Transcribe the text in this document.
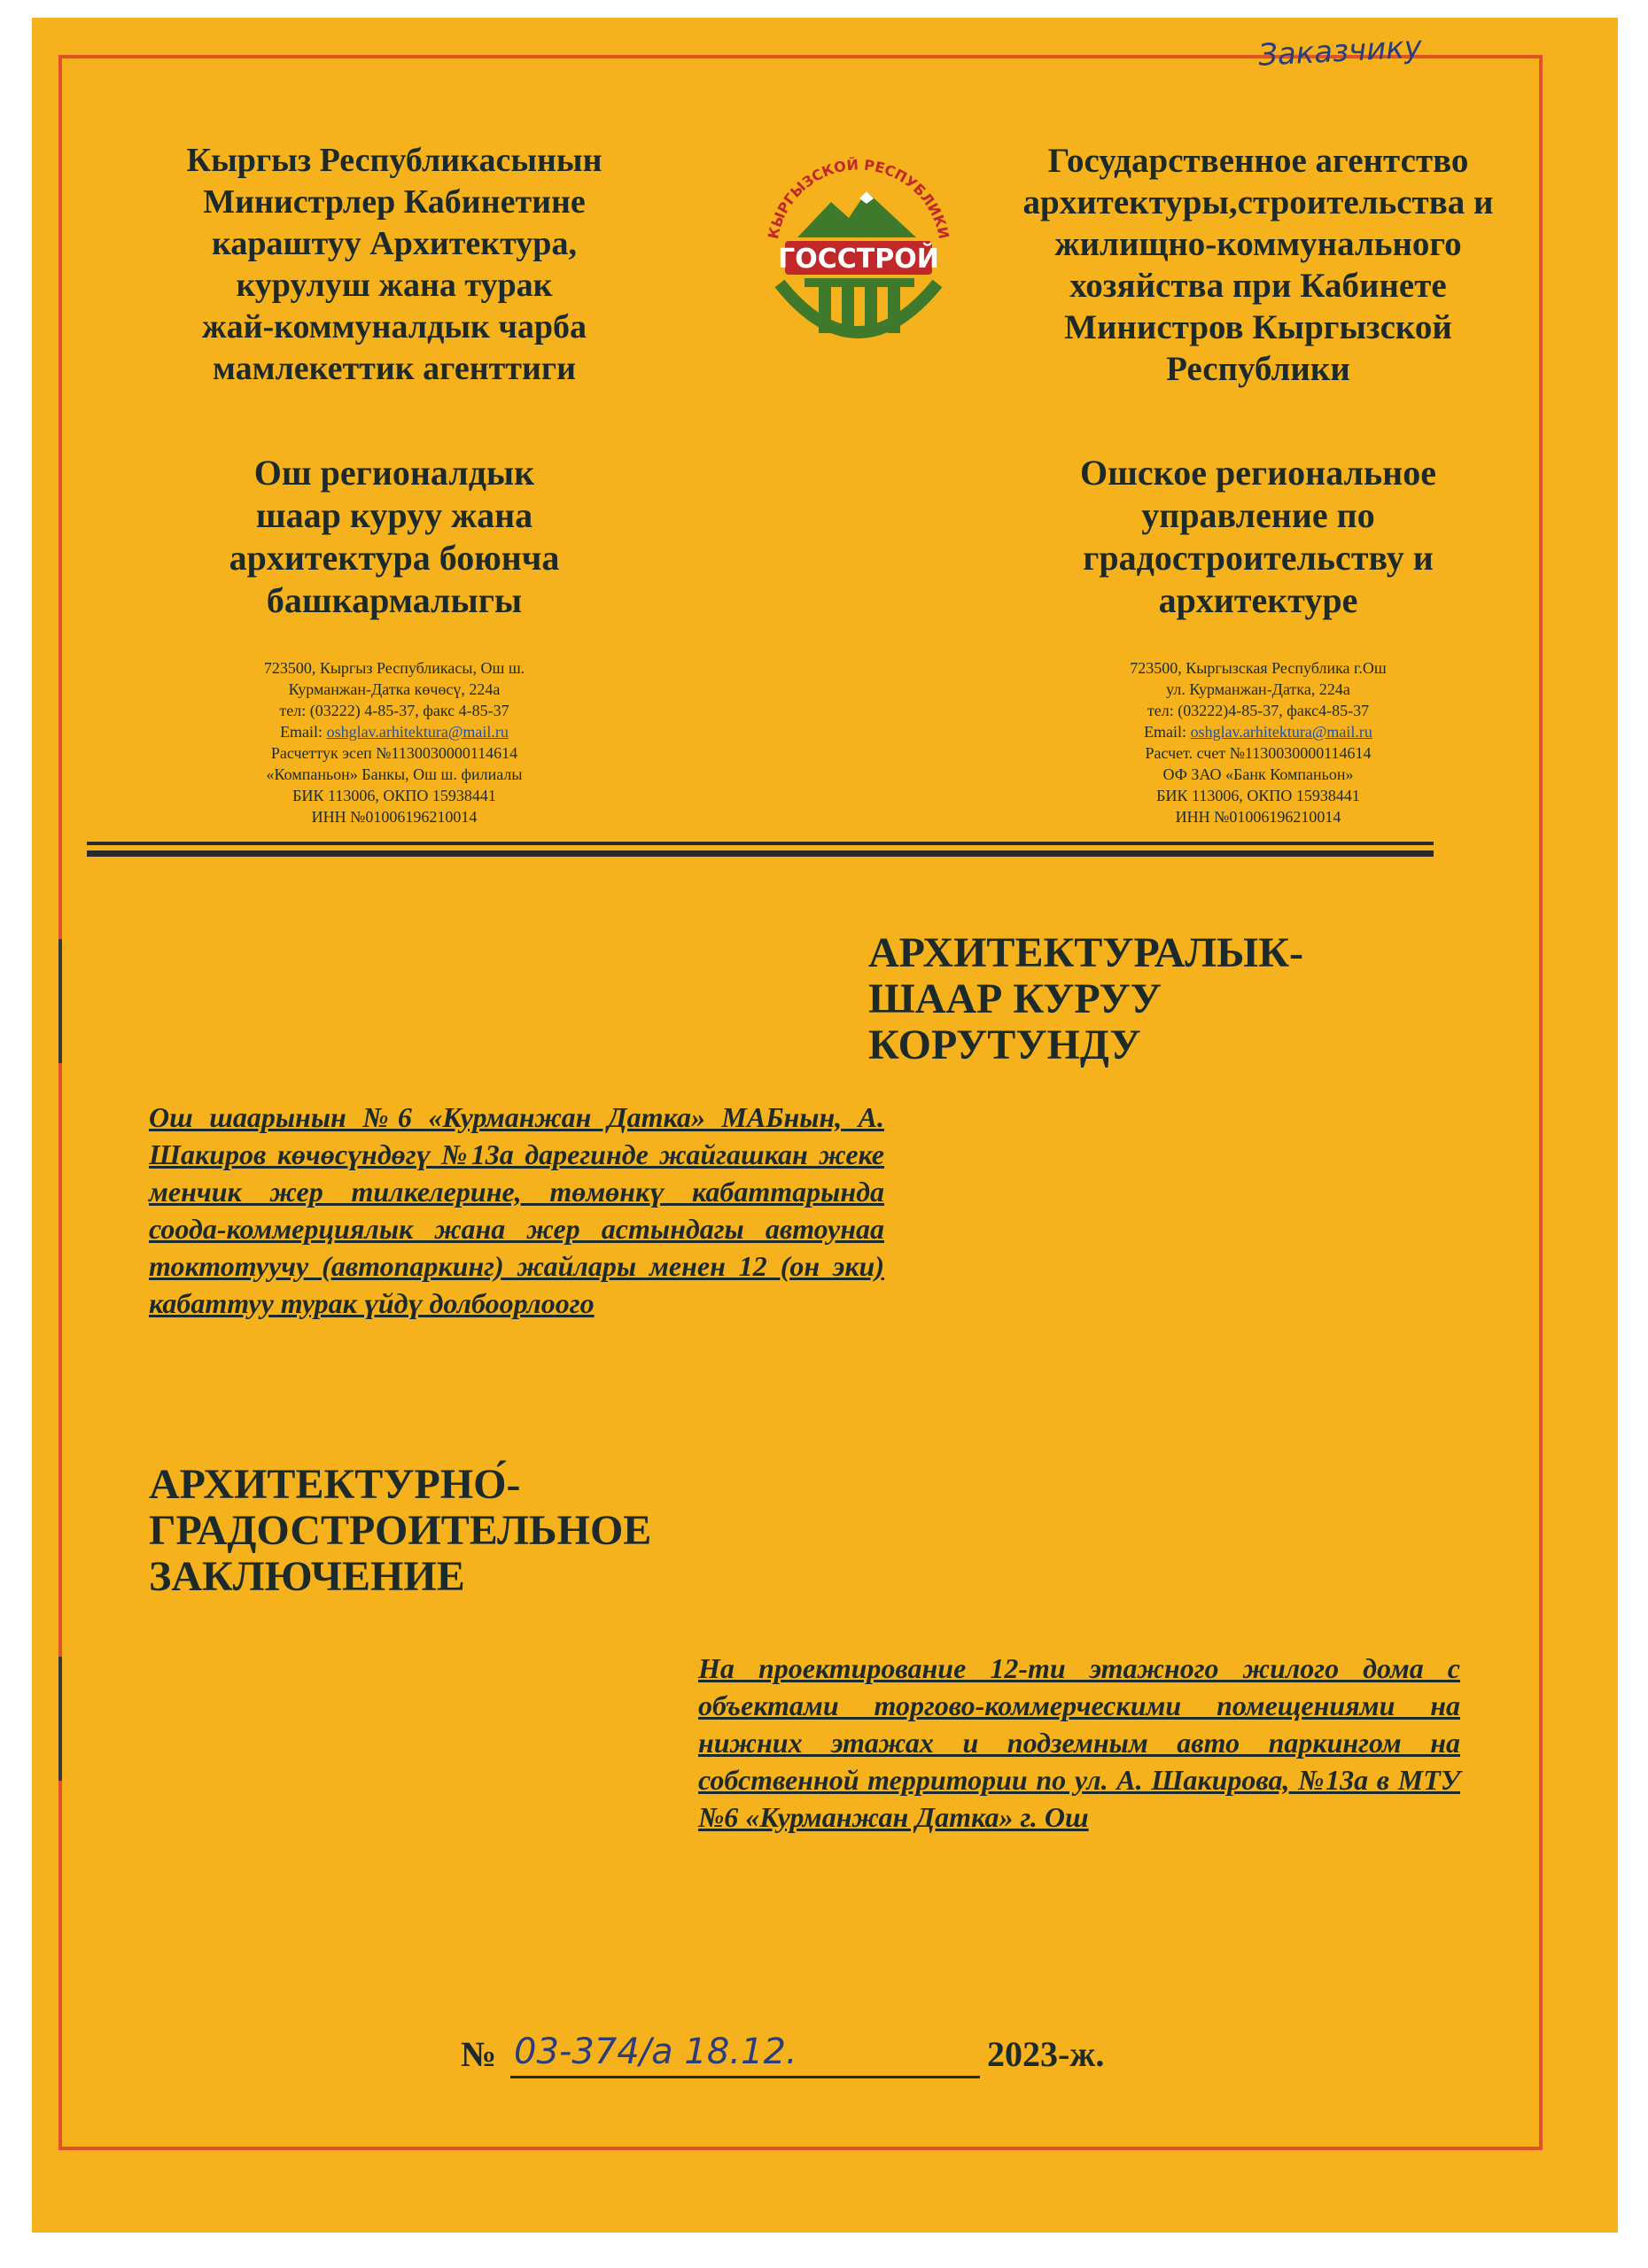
Заказчику
Кыргыз Республикасынын
Министрлер Кабинетине
караштуу Архитектура,
курулуш жана турак
жай-коммуналдык чарба
мамлекеттик агенттиги
Ош регионалдык
шаар куруу жана
архитектура боюнча
башкармалыгы
723500, Кыргыз Республикасы, Ош ш.
Курманжан-Датка көчөсү, 224а
тел: (03222) 4-85-37, факс 4-85-37
Email: oshglav.arhitektura@mail.ru
Расчеттук эсеп №1130030000114614
«Компаньон» Банкы, Ош ш. филиалы
БИК 113006, ОКПО 15938441
ИНН №01006196210014
КЫРГЫЗСКОЙ РЕСПУБЛИКИ
ГОССТРОЙ
Государственное агентство
архитектуры,строительства и
жилищно-коммунального
хозяйства при Кабинете
Министров Кыргызской
Республики
Ошское региональное
управление по
градостроительству и
архитектуре
723500, Кыргызская Республика г.Ош
ул. Курманжан-Датка, 224а
тел: (03222)4-85-37, факс4-85-37
Email: oshglav.arhitektura@mail.ru
Расчет. счет №1130030000114614
ОФ ЗАО «Банк Компаньон»
БИК 113006, ОКПО 15938441
ИНН №01006196210014
АРХИТЕКТУРАЛЫК-
ШААР КУРУУ
КОРУТУНДУ
Ош шаарынын №6 «Курманжан Датка» МАБнын, А. Шакиров көчөсүндөгү №13а дарегинде жайгашкан жеке менчик жер тилкелерине, төмөнкү кабаттарында соода-коммерциялык жана жер астындагы автоунаа токтотуучу (автопаркинг) жайлары менен 12 (он эки) кабаттуу турак үйдү долбоорлоого
АРХИТЕКТУРНО́-
ГРАДОСТРОИТЕЛЬНОЕ
ЗАКЛЮЧЕНИЕ
На проектирование 12-ти этажного жилого дома с объектами торгово-коммерческими помещениями на нижних этажах и подземным авто паркингом на собственной территории по ул. А. Шакирова, №13а в МТУ №6 «Курманжан Датка» г. Ош
№ 03-374/а 18.12.	2023-ж.
